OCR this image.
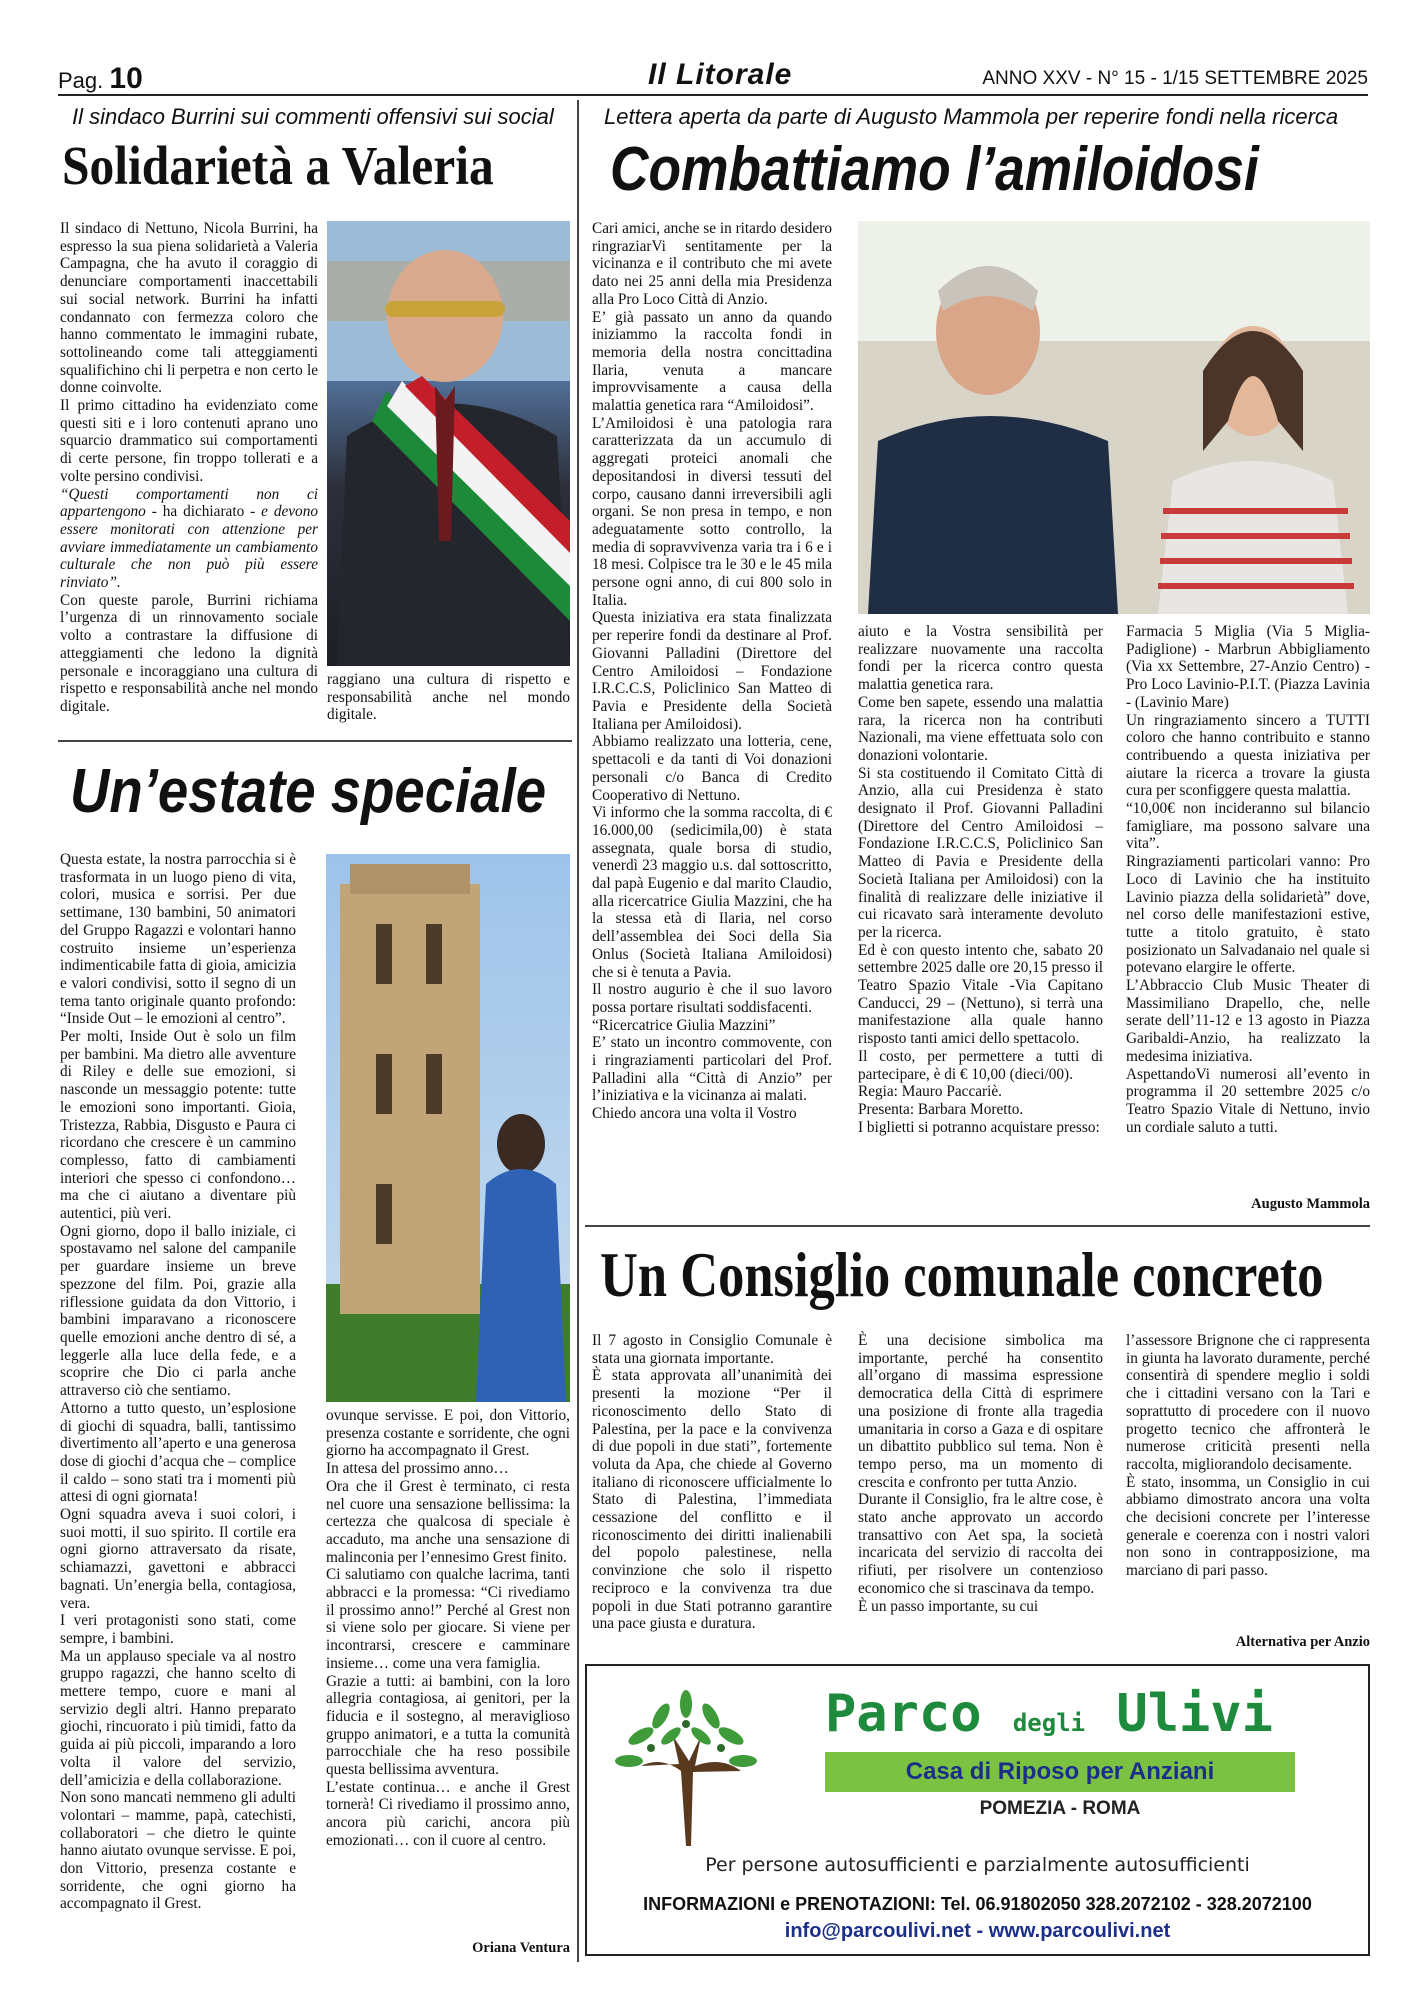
Pag. 10	Il Litorale	ANNO XXV - N° 15 - 1/15 SETTEMBRE 2025
Il sindaco Burrini sui commenti offensivi sui social
Solidarietà a Valeria

Il sindaco di Nettuno, Nicola Burrini, ha espresso la sua piena solidarietà a Valeria Campagna, che ha avuto il coraggio di denunciare comportamenti inaccettabili sui social network. Burrini ha infatti condannato con fermezza coloro che hanno commentato le immagini rubate, sottolineando come tali atteggiamenti squalifichino chi li perpetra e non certo le donne coinvolte.

Il primo cittadino ha evidenziato come questi siti e i loro contenuti aprano uno squarcio drammatico sui comportamenti di certe persone, fin troppo tollerati e a volte persino condivisi.

“Questi comportamenti non ci appartengono - ha dichiarato - e devono essere monitorati con attenzione per avviare immediatamente un cambiamento culturale che non può più essere rinviato”.

Con queste parole, Burrini richiama l’urgenza di un rinnovamento sociale volto a contrastare la diffusione di atteggiamenti che ledono la dignità personale e incoraggiano una cultura di rispetto e responsabilità anche nel mondo digitale.

raggiano una cultura di rispetto e responsabilità anche nel mondo digitale.

Un’estate speciale

Questa estate, la nostra parrocchia si è trasformata in un luogo pieno di vita, colori, musica e sorrisi. Per due settimane, 130 bambini, 50 animatori del Gruppo Ragazzi e volontari hanno costruito insieme un’esperienza indimenticabile fatta di gioia, amicizia e valori condivisi, sotto il segno di un tema tanto originale quanto profondo: “Inside Out – le emozioni al centro”.

Per molti, Inside Out è solo un film per bambini. Ma dietro alle avventure di Riley e delle sue emozioni, si nasconde un messaggio potente: tutte le emozioni sono importanti. Gioia, Tristezza, Rabbia, Disgusto e Paura ci ricordano che crescere è un cammino complesso, fatto di cambiamenti interiori che spesso ci confondono… ma che ci aiutano a diventare più autentici, più veri.

Ogni giorno, dopo il ballo iniziale, ci spostavamo nel salone del campanile per guardare insieme un breve spezzone del film. Poi, grazie alla riflessione guidata da don Vittorio, i bambini imparavano a riconoscere quelle emozioni anche dentro di sé, a leggerle alla luce della fede, e a scoprire che Dio ci parla anche attraverso ciò che sentiamo.

Attorno a tutto questo, un’esplosione di giochi di squadra, balli, tantissimo divertimento all’aperto e una generosa dose di giochi d’acqua che – complice il caldo – sono stati tra i momenti più attesi di ogni giornata!

Ogni squadra aveva i suoi colori, i suoi motti, il suo spirito. Il cortile era ogni giorno attraversato da risate, schiamazzi, gavettoni e abbracci bagnati. Un’energia bella, contagiosa, vera.

I veri protagonisti sono stati, come sempre, i bambini.

Ma un applauso speciale va al nostro gruppo ragazzi, che hanno scelto di mettere tempo, cuore e mani al servizio degli altri. Hanno preparato giochi, rincuorato i più timidi, fatto da guida ai più piccoli, imparando a loro volta il valore del servizio, dell’amicizia e della collaborazione.

Non sono mancati nemmeno gli adulti volontari – mamme, papà, catechisti, collaboratori – che dietro le quinte hanno aiutato ovunque servisse. E poi, don Vittorio, presenza costante e sorridente, che ogni giorno ha accompagnato il Grest.

ovunque servisse. E poi, don Vittorio, presenza costante e sorridente, che ogni giorno ha accompagnato il Grest.

In attesa del prossimo anno…

Ora che il Grest è terminato, ci resta nel cuore una sensazione bellissima: la certezza che qualcosa di speciale è accaduto, ma anche una sensazione di malinconia per l’ennesimo Grest finito.

Ci salutiamo con qualche lacrima, tanti abbracci e la promessa: “Ci rivediamo il prossimo anno!” Perché al Grest non si viene solo per giocare. Si viene per incontrarsi, crescere e camminare insieme… come una vera famiglia.

Grazie a tutti: ai bambini, con la loro allegria contagiosa, ai genitori, per la fiducia e il sostegno, al meraviglioso gruppo animatori, e a tutta la comunità parrocchiale che ha reso possibile questa bellissima avventura.

L’estate continua… e anche il Grest tornerà! Ci rivediamo il prossimo anno, ancora più carichi, ancora più emozionati… con il cuore al centro.

Oriana Ventura
Lettera aperta da parte di Augusto Mammola per reperire fondi nella ricerca
Combattiamo l’amiloidosi
Cari amici, anche se in ritardo desidero ringraziarVi sentitamente per la vicinanza e il contributo che mi avete dato nei 25 anni della mia Presidenza alla Pro Loco Città di Anzio.
E’ già passato un anno da quando iniziammo la raccolta fondi in memoria della nostra concittadina Ilaria, venuta a mancare improvvisamente a causa della malattia genetica rara “Amiloidosi”.
L’Amiloidosi è una patologia rara caratterizzata da un accumulo di aggregati proteici anomali che depositandosi in diversi tessuti del corpo, causano danni irreversibili agli organi. Se non presa in tempo, e non adeguatamente sotto controllo, la media di sopravvivenza varia tra i 6 e i 18 mesi. Colpisce tra le 30 e le 45 mila persone ogni anno, di cui 800 solo in Italia.
Questa iniziativa era stata finalizzata per reperire fondi da destinare al Prof. Giovanni Palladini (Direttore del Centro Amiloidosi – Fondazione I.R.C.C.S, Policlinico San Matteo di Pavia e Presidente della Società Italiana per Amiloidosi).
Abbiamo realizzato una lotteria, cene, spettacoli e da tanti di Voi donazioni personali c/o Banca di Credito Cooperativo di Nettuno.
Vi informo che la somma raccolta, di € 16.000,00 (sedicimila,00) è stata assegnata, quale borsa di studio, venerdì 23 maggio u.s. dal sottoscritto, dal papà Eugenio e dal marito Claudio, alla ricercatrice Giulia Mazzini, che ha la stessa età di Ilaria, nel corso dell’assemblea dei Soci della Sia Onlus (Società Italiana Amiloidosi) che si è tenuta a Pavia.
Il nostro augurio è che il suo lavoro possa portare risultati soddisfacenti.
“Ricercatrice Giulia Mazzini”
E’ stato un incontro commovente, con i ringraziamenti particolari del Prof. Palladini alla “Città di Anzio” per l’iniziativa e la vicinanza ai malati.
Chiedo ancora una volta il Vostro
aiuto e la Vostra sensibilità per realizzare nuovamente una raccolta fondi per la ricerca contro questa malattia genetica rara.
Come ben sapete, essendo una malattia rara, la ricerca non ha contributi Nazionali, ma viene effettuata solo con donazioni volontarie.
Si sta costituendo il Comitato Città di Anzio, alla cui Presidenza è stato designato il Prof. Giovanni Palladini (Direttore del Centro Amiloidosi – Fondazione I.R.C.C.S, Policlinico San Matteo di Pavia e Presidente della Società Italiana per Amiloidosi) con la finalità di realizzare delle iniziative il cui ricavato sarà interamente devoluto per la ricerca.
Ed è con questo intento che, sabato 20 settembre 2025 dalle ore 20,15 presso il Teatro Spazio Vitale -Via Capitano Canducci, 29 – (Nettuno), si terrà una manifestazione alla quale hanno risposto tanti amici dello spettacolo.
Il costo, per permettere a tutti di partecipare, è di € 10,00 (dieci/00).
Regia: Mauro Paccariè.
Presenta: Barbara Moretto.
I biglietti si potranno acquistare presso:
Farmacia 5 Miglia (Via 5 Miglia-Padiglione) - Marbrun Abbigliamento (Via xx Settembre, 27-Anzio Centro) - Pro Loco Lavinio-P.I.T. (Piazza Lavinia - (Lavinio Mare)
Un ringraziamento sincero a TUTTI coloro che hanno contribuito e stanno contribuendo a questa iniziativa per aiutare la ricerca a trovare la giusta cura per sconfiggere questa malattia.
“10,00€ non incideranno sul bilancio famigliare, ma possono salvare una vita”.
Ringraziamenti particolari vanno: Pro Loco di Lavinio che ha instituito Lavinio piazza della solidarietà” dove, nel corso delle manifestazioni estive, tutte a titolo gratuito, è stato posizionato un Salvadanaio nel quale si potevano elargire le offerte.
L’Abbraccio Club Music Theater di Massimiliano Drapello, che, nelle serate dell’11-12 e 13 agosto in Piazza Garibaldi-Anzio, ha realizzato la medesima iniziativa.
AspettandoVi numerosi all’evento in programma il 20 settembre 2025 c/o Teatro Spazio Vitale di Nettuno, invio un cordiale saluto a tutti.
Augusto Mammola
Un Consiglio comunale concreto
Il 7 agosto in Consiglio Comunale è stata una giornata importante.
È stata approvata all’unanimità dei presenti la mozione “Per il riconoscimento dello Stato di Palestina, per la pace e la convivenza di due popoli in due stati”, fortemente voluta da Apa, che chiede al Governo italiano di riconoscere ufficialmente lo Stato di Palestina, l’immediata cessazione del conflitto e il riconoscimento dei diritti inalienabili del popolo palestinese, nella convinzione che solo il rispetto reciproco e la convivenza tra due popoli in due Stati potranno garantire una pace giusta e duratura.
È una decisione simbolica ma importante, perché ha consentito all’organo di massima espressione democratica della Città di esprimere una posizione di fronte alla tragedia umanitaria in corso a Gaza e di ospitare un dibattito pubblico sul tema. Non è tempo perso, ma un momento di crescita e confronto per tutta Anzio.
Durante il Consiglio, fra le altre cose, è stato anche approvato un accordo transattivo con Aet spa, la società incaricata del servizio di raccolta dei rifiuti, per risolvere un contenzioso economico che si trascinava da tempo.
È un passo importante, su cui
l’assessore Brignone che ci rappresenta in giunta ha lavorato duramente, perché consentirà di spendere meglio i soldi che i cittadini versano con la Tari e soprattutto di procedere con il nuovo progetto tecnico che affronterà le numerose criticità presenti nella raccolta, migliorandolo decisamente.
È stato, insomma, un Consiglio in cui abbiamo dimostrato ancora una volta che decisioni concrete per l’interesse generale e coerenza con i nostri valori non sono in contrapposizione, ma marciano di pari passo.
Alternativa per Anzio
Parco degli Ulivi
Casa di Riposo per Anziani
POMEZIA - ROMA
Per persone autosufficienti e parzialmente autosufficienti
INFORMAZIONI e PRENOTAZIONI: Tel. 06.91802050 328.2072102 - 328.2072100
info@parcoulivi.net - www.parcoulivi.net
